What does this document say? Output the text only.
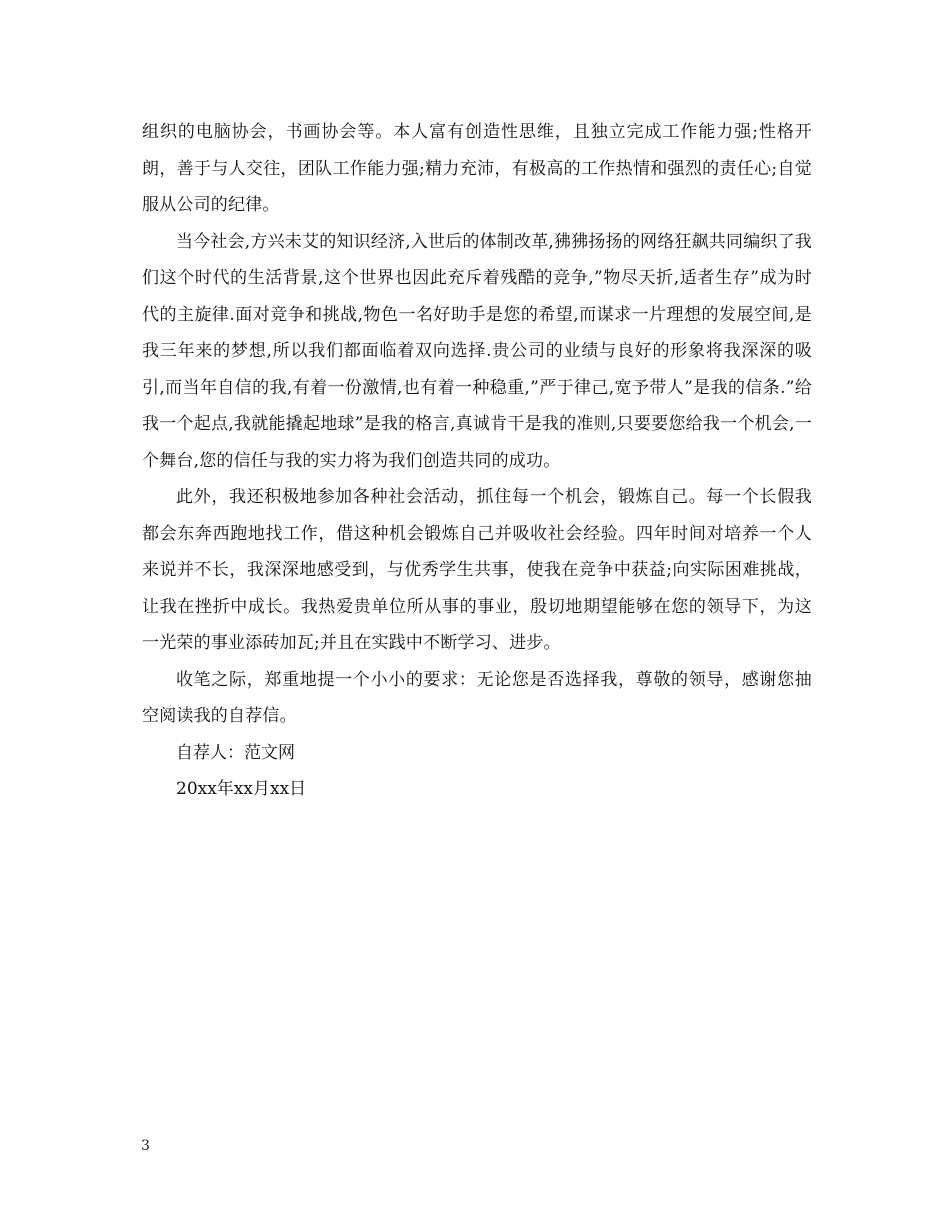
组织的电脑协会，书画协会等。本人富有创造性思维，且独立完成工作能力强;性格开朗，善于与人交往，团队工作能力强;精力充沛，有极高的工作热情和强烈的责任心;自觉服从公司的纪律。

当今社会,方兴未艾的知识经济,入世后的体制改革,狒狒扬扬的网络狂飙共同编织了我们这个时代的生活背景,这个世界也因此充斥着残酷的竞争,”物尽天折,适者生存”成为时代的主旋律.面对竞争和挑战,物色一名好助手是您的希望,而谋求一片理想的发展空间,是我三年来的梦想,所以我们都面临着双向选择.贵公司的业绩与良好的形象将我深深的吸引,而当年自信的我,有着一份激情,也有着一种稳重,”严于律己,宽予带人”是我的信条.”给我一个起点,我就能撬起地球”是我的格言,真诚肯干是我的准则,只要要您给我一个机会,一个舞台,您的信任与我的实力将为我们创造共同的成功。

此外，我还积极地参加各种社会活动，抓住每一个机会，锻炼自己。每一个长假我都会东奔西跑地找工作，借这种机会锻炼自己并吸收社会经验。四年时间对培养一个人来说并不长，我深深地感受到，与优秀学生共事，使我在竞争中获益;向实际困难挑战，让我在挫折中成长。我热爱贵单位所从事的事业，殷切地期望能够在您的领导下，为这一光荣的事业添砖加瓦;并且在实践中不断学习、进步。

收笔之际，郑重地提一个小小的要求：无论您是否选择我，尊敬的领导，感谢您抽空阅读我的自荐信。

自荐人：范文网

20xx年xx月xx日

3
